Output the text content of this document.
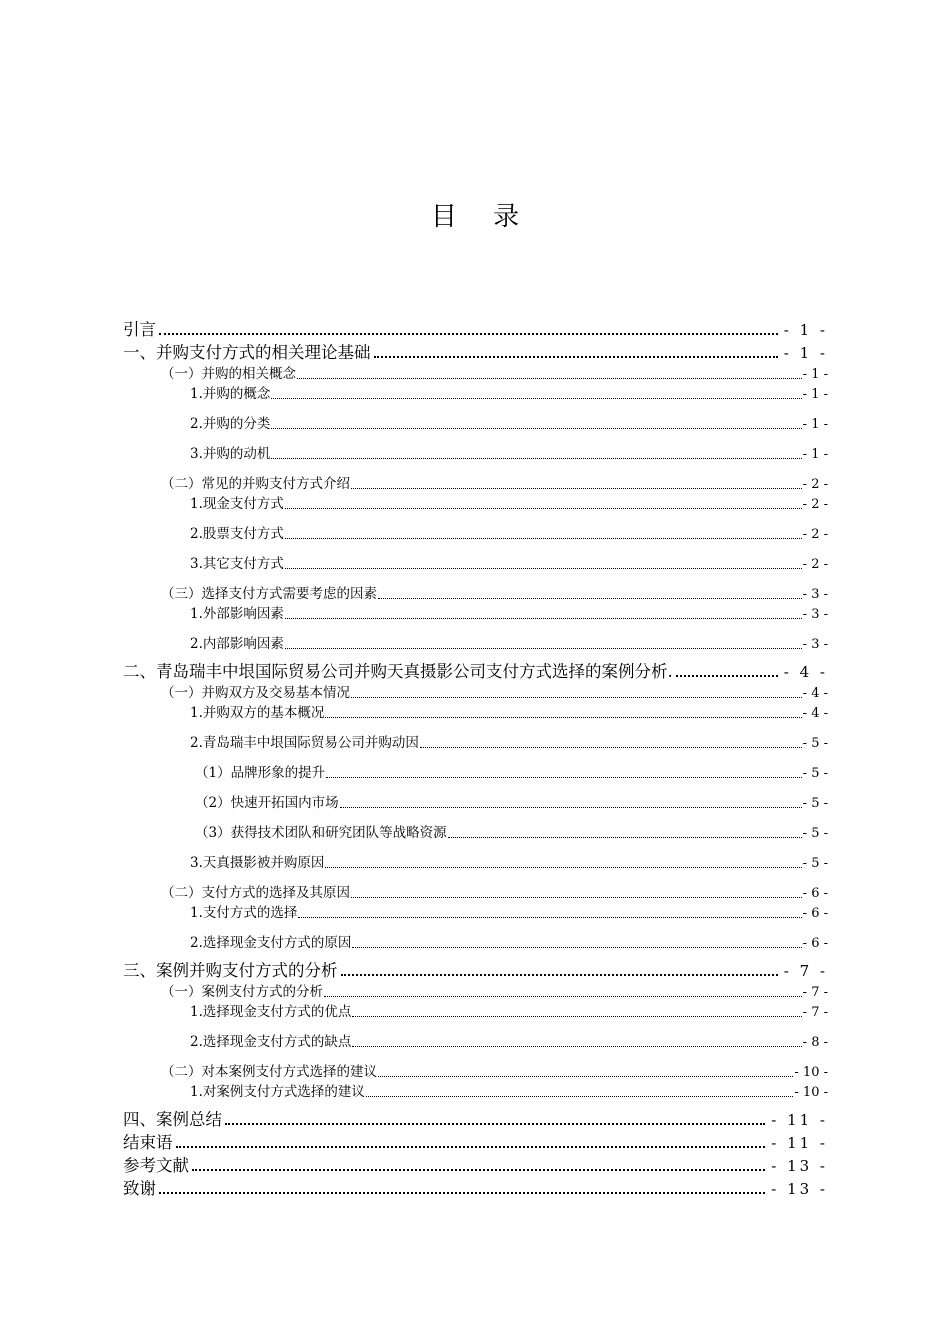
目 录
引言	- 1 -
一、并购支付方式的相关理论基础	- 1 -
（一）并购的相关概念	- 1 -
1.并购的概念	- 1 -
2.并购的分类	- 1 -
3.并购的动机	- 1 -
（二）常见的并购支付方式介绍	- 2 -
1.现金支付方式	- 2 -
2.股票支付方式	- 2 -
3.其它支付方式	- 2 -
（三）选择支付方式需要考虑的因素	- 3 -
1.外部影响因素	- 3 -
2.内部影响因素	- 3 -
二、青岛瑞丰中垠国际贸易公司并购天真摄影公司支付方式选择的案例分析.	- 4 -
（一）并购双方及交易基本情况	- 4 -
1.并购双方的基本概况	- 4 -
2.青岛瑞丰中垠国际贸易公司并购动因	- 5 -
（1）品牌形象的提升	- 5 -
（2）快速开拓国内市场	- 5 -
（3）获得技术团队和研究团队等战略资源	- 5 -
3.天真摄影被并购原因	- 5 -
（二）支付方式的选择及其原因	- 6 -
1.支付方式的选择	- 6 -
2.选择现金支付方式的原因	- 6 -
三、案例并购支付方式的分析	- 7 -
（一）案例支付方式的分析	- 7 -
1.选择现金支付方式的优点	- 7 -
2.选择现金支付方式的缺点	- 8 -
（二）对本案例支付方式选择的建议	- 10 -
1.对案例支付方式选择的建议	- 10 -
四、案例总结	- 11 -
结束语	- 11 -
参考文献	- 13 -
致谢	- 13 -
